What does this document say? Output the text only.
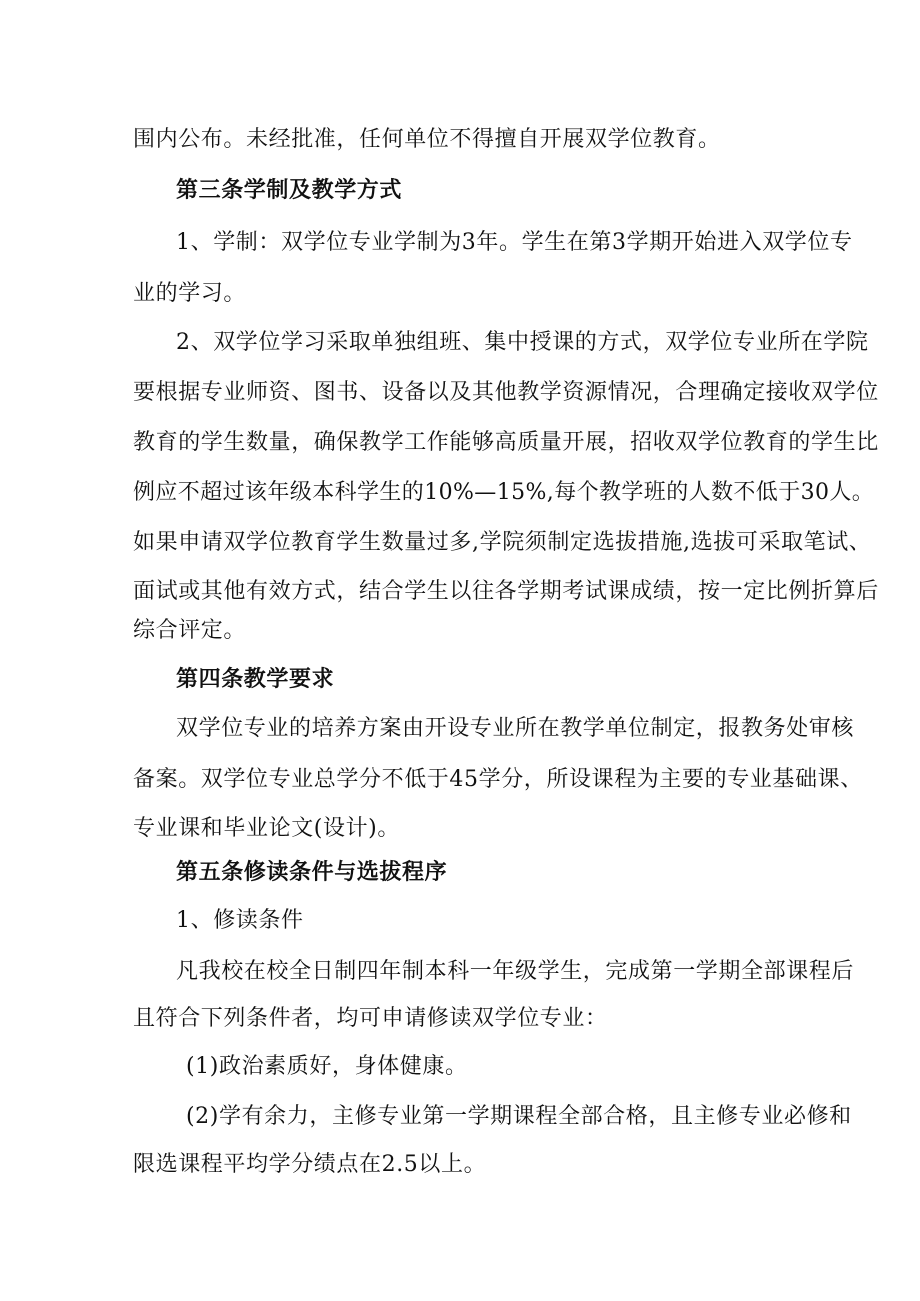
围内公布。未经批准，任何单位不得擅自开展双学位教育。
第三条学制及教学方式
1、学制：双学位专业学制为3年。学生在第3学期开始进入双学位专
业的学习。
2、双学位学习采取单独组班、集中授课的方式，双学位专业所在学院
要根据专业师资、图书、设备以及其他教学资源情况，合理确定接收双学位
教育的学生数量，确保教学工作能够高质量开展，招收双学位教育的学生比
例应不超过该年级本科学生的10%—15%,每个教学班的人数不低于30人。
如果申请双学位教育学生数量过多,学院须制定选拔措施,选拔可采取笔试、
面试或其他有效方式，结合学生以往各学期考试课成绩，按一定比例折算后
综合评定。
第四条教学要求
双学位专业的培养方案由开设专业所在教学单位制定，报教务处审核
备案。双学位专业总学分不低于45学分，所设课程为主要的专业基础课、
专业课和毕业论文(设计)。
第五条修读条件与选拔程序
1、修读条件
凡我校在校全日制四年制本科一年级学生，完成第一学期全部课程后
且符合下列条件者，均可申请修读双学位专业：
(1)政治素质好，身体健康。
(2)学有余力，主修专业第一学期课程全部合格，且主修专业必修和
限选课程平均学分绩点在2.5以上。
